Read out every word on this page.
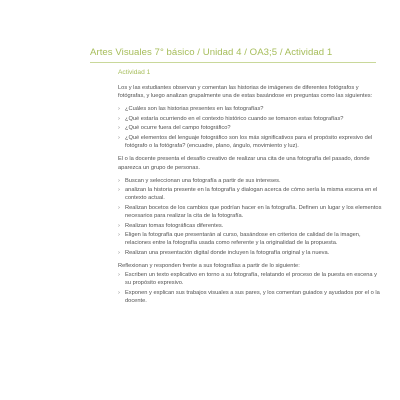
Artes Visuales 7° básico / Unidad 4 / OA3;5 / Actividad 1
Actividad 1

Los y las estudiantes observan y comentan las historias de imágenes de diferentes fotógrafos y fotógrafas, y luego analizan grupalmente una de estas basándose en preguntas como las siguientes:

› ¿Cuáles son las historias presentes en las fotografías?
› ¿Qué estaría ocurriendo en el contexto histórico cuando se tomaron estas fotografías?
› ¿Qué ocurre fuera del campo fotográfico?
› ¿Qué elementos del lenguaje fotográfico son los más significativos para el propósito expresivo del fotógrafo o la fotógrafa? (encuadre, plano, ángulo, movimiento y luz).

El o la docente presenta el desafío creativo de realizar una cita de una fotografía del pasado, donde aparezca un grupo de personas.

› Buscan y seleccionan una fotografía a partir de sus intereses.
› analizan la historia presente en la fotografía y dialogan acerca de cómo sería la misma escena en el contexto actual.
› Realizan bocetos de los cambios que podrían hacer en la fotografía. Definen un lugar y los elementos necesarios para realizar la cita de la fotografía.
› Realizan tomas fotográficas diferentes.
› Eligen la fotografía que presentarán al curso, basándose en criterios de calidad de la imagen, relaciones entre la fotografía usada como referente y la originalidad de la propuesta.
› Realizan una presentación digital donde incluyen la fotografía original y la nueva.

Reflexionan y responden frente a sus fotografías a partir de lo siguiente:

› Escriben un texto explicativo en torno a su fotografía, relatando el proceso de la puesta en escena y su propósito expresivo.
› Exponen y explican sus trabajos visuales a sus pares, y los comentan guiados y ayudados por el o la docente.
